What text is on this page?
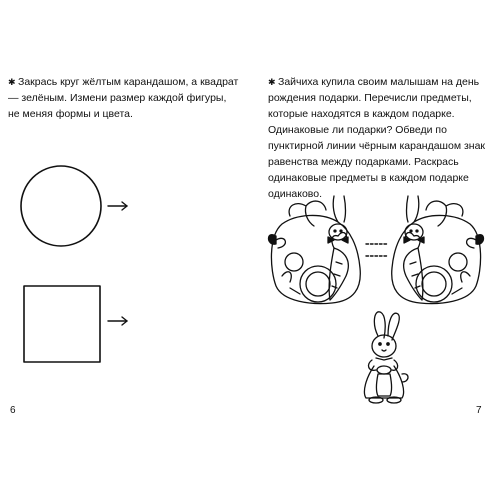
✱ Закрась круг жёлтым карандашом, а квадрат — зелёным. Измени размер каждой фигуры, не меняя формы и цвета.

✱ Зайчиха купила своим малышам на день рождения подарки. Перечисли предметы, которые находятся в каждом подарке. Одинаковые ли подарки? Обведи по пунктирной линии чёрным карандашом знак равенства между подарками. Раскрась одинаковые предметы в каждом подарке одинаково.

6	7
